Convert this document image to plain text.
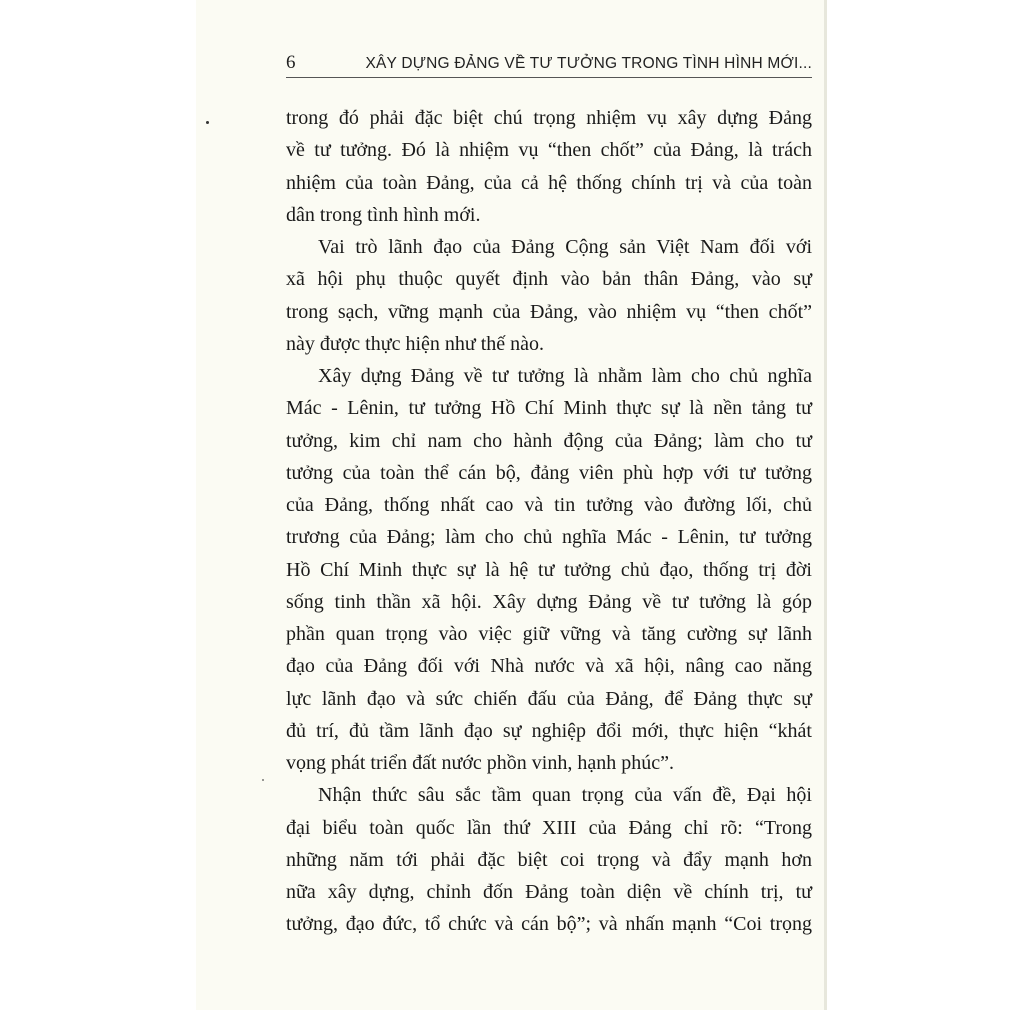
6	XÂY DỰNG ĐẢNG VỀ TƯ TƯỞNG TRONG TÌNH HÌNH MỚI...
trong đó phải đặc biệt chú trọng nhiệm vụ xây dựng Đảng
về tư tưởng. Đó là nhiệm vụ “then chốt” của Đảng, là trách
nhiệm của toàn Đảng, của cả hệ thống chính trị và của toàn
dân trong tình hình mới.
Vai trò lãnh đạo của Đảng Cộng sản Việt Nam đối với
xã hội phụ thuộc quyết định vào bản thân Đảng, vào sự
trong sạch, vững mạnh của Đảng, vào nhiệm vụ “then chốt”
này được thực hiện như thế nào.
Xây dựng Đảng về tư tưởng là nhằm làm cho chủ nghĩa
Mác - Lênin, tư tưởng Hồ Chí Minh thực sự là nền tảng tư
tưởng, kim chỉ nam cho hành động của Đảng; làm cho tư
tưởng của toàn thể cán bộ, đảng viên phù hợp với tư tưởng
của Đảng, thống nhất cao và tin tưởng vào đường lối, chủ
trương của Đảng; làm cho chủ nghĩa Mác - Lênin, tư tưởng
Hồ Chí Minh thực sự là hệ tư tưởng chủ đạo, thống trị đời
sống tinh thần xã hội. Xây dựng Đảng về tư tưởng là góp
phần quan trọng vào việc giữ vững và tăng cường sự lãnh
đạo của Đảng đối với Nhà nước và xã hội, nâng cao năng
lực lãnh đạo và sức chiến đấu của Đảng, để Đảng thực sự
đủ trí, đủ tầm lãnh đạo sự nghiệp đổi mới, thực hiện “khát
vọng phát triển đất nước phồn vinh, hạnh phúc”.
Nhận thức sâu sắc tầm quan trọng của vấn đề, Đại hội
đại biểu toàn quốc lần thứ XIII của Đảng chỉ rõ: “Trong
những năm tới phải đặc biệt coi trọng và đẩy mạnh hơn
nữa xây dựng, chỉnh đốn Đảng toàn diện về chính trị, tư
tưởng, đạo đức, tổ chức và cán bộ”; và nhấn mạnh “Coi trọng
